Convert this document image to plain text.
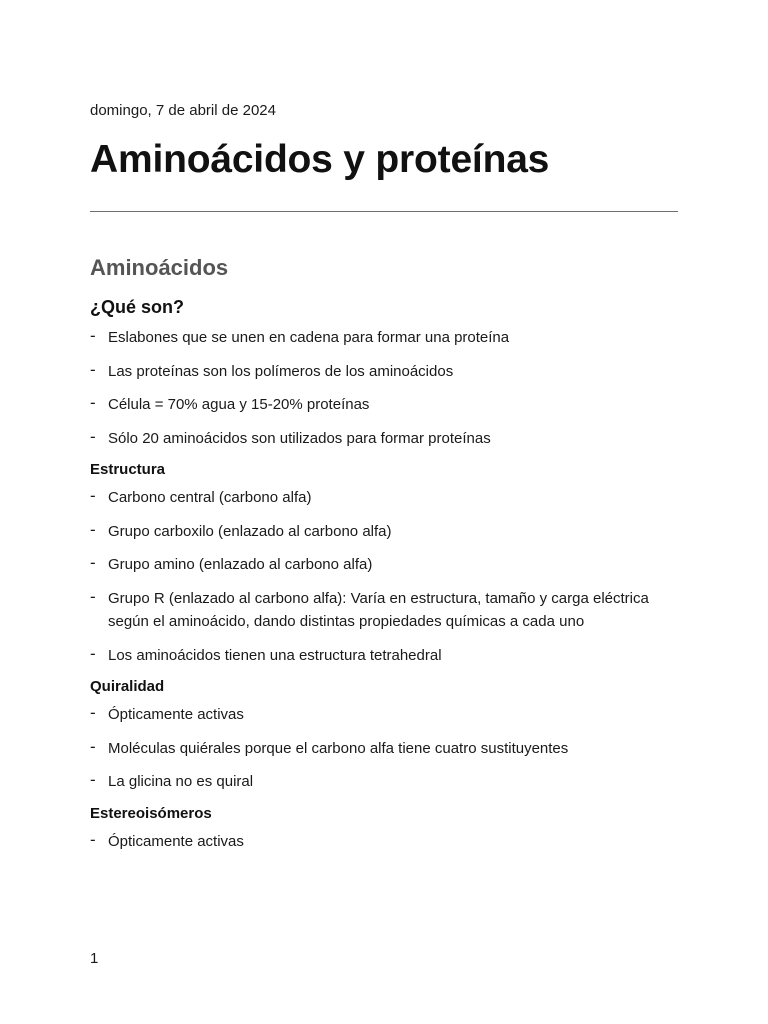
domingo, 7 de abril de 2024
Aminoácidos y proteínas
Aminoácidos
¿Qué son?
- Eslabones que se unen en cadena para formar una proteína
- Las proteínas son los polímeros de los aminoácidos
- Célula = 70% agua y 15-20% proteínas
- Sólo 20 aminoácidos son utilizados para formar proteínas
Estructura
- Carbono central (carbono alfa)
- Grupo carboxilo (enlazado al carbono alfa)
- Grupo amino (enlazado al carbono alfa)
- Grupo R (enlazado al carbono alfa): Varía en estructura, tamaño y carga eléctrica según el aminoácido, dando distintas propiedades químicas a cada uno
- Los aminoácidos tienen una estructura tetrahedral
Quiralidad
- Ópticamente activas
- Moléculas quiérales porque el carbono alfa tiene cuatro sustituyentes
- La glicina no es quiral
Estereoisómeros
- Ópticamente activas
1
